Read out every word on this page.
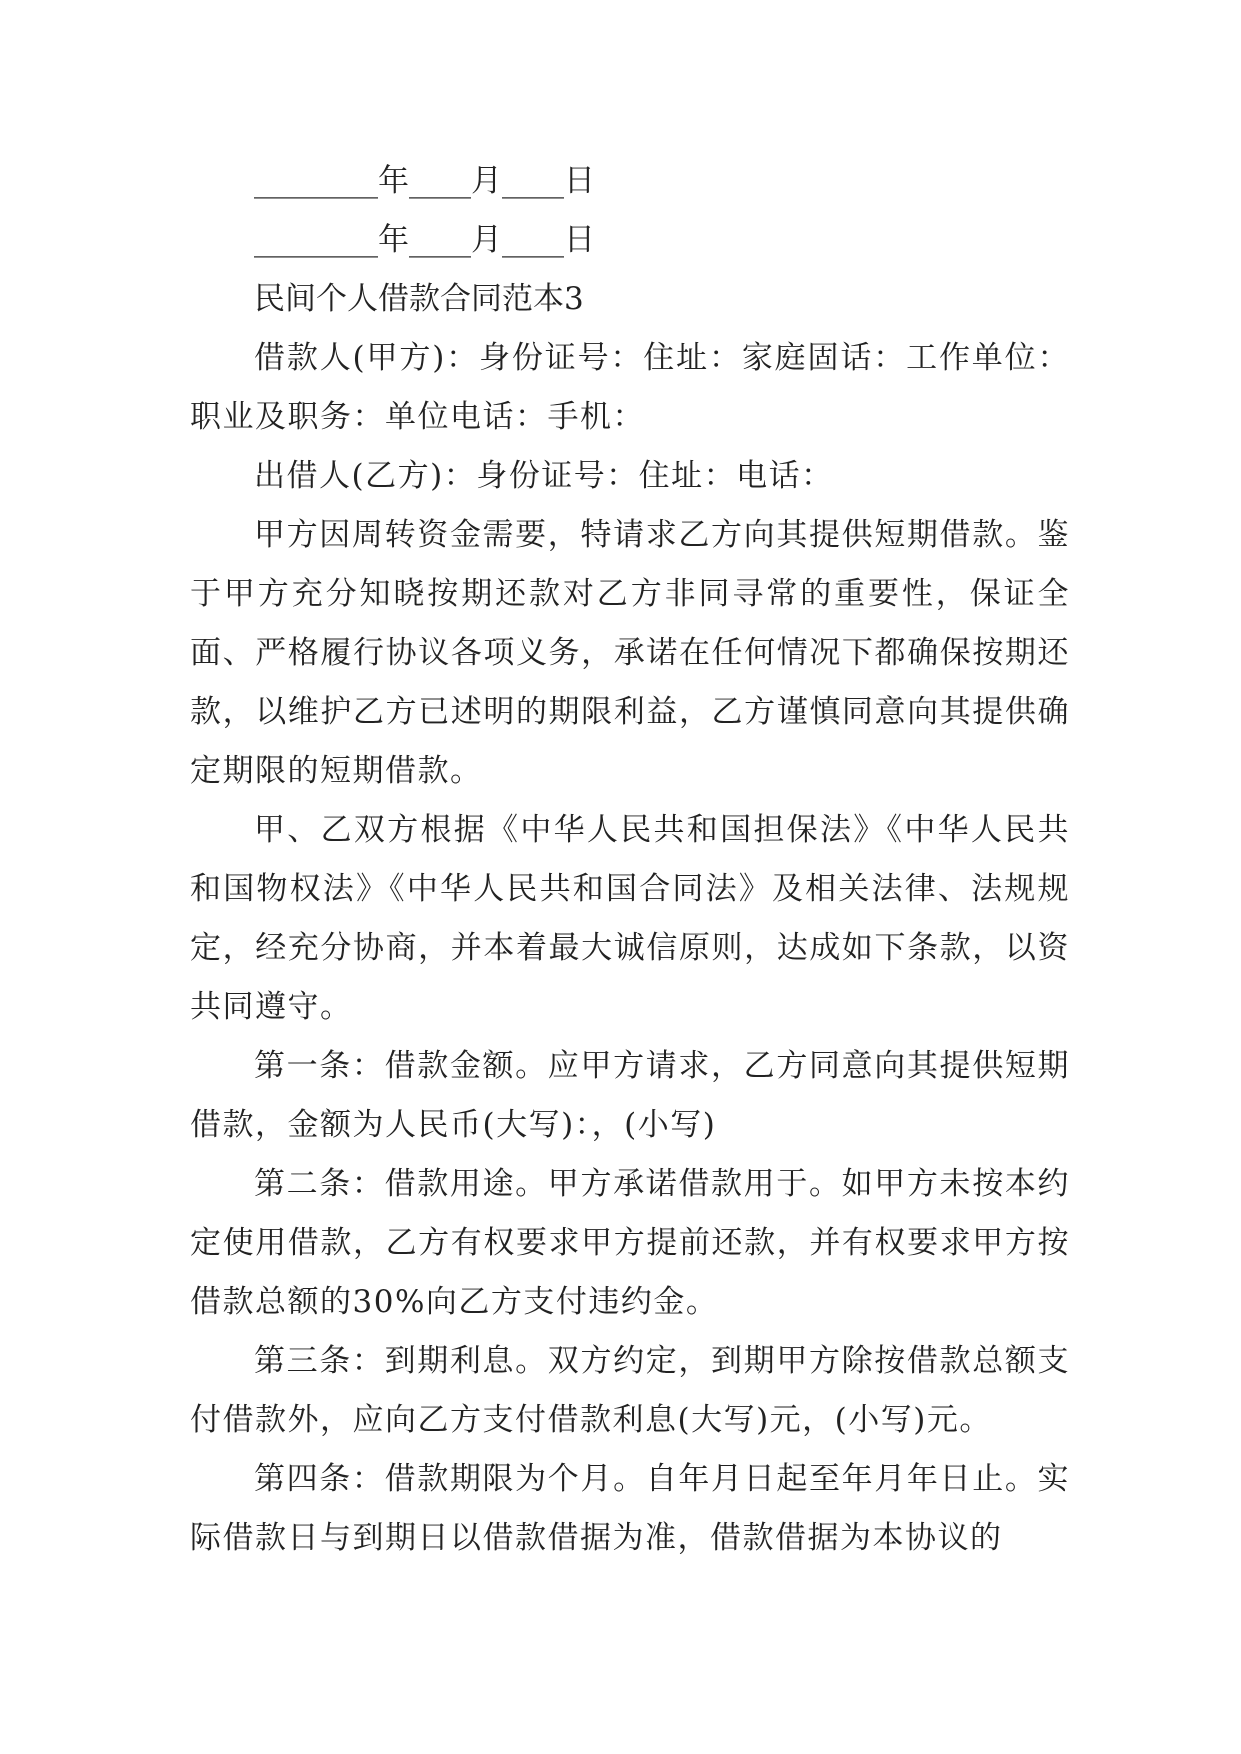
________年____月____日

________年____月____日

民间个人借款合同范本3

借款人(甲方)：身份证号：住址：家庭固话：工作单位：职业及职务：单位电话：手机：

出借人(乙方)：身份证号：住址：电话：

甲方因周转资金需要，特请求乙方向其提供短期借款。鉴于甲方充分知晓按期还款对乙方非同寻常的重要性，保证全面、严格履行协议各项义务，承诺在任何情况下都确保按期还款，以维护乙方已述明的期限利益，乙方谨慎同意向其提供确定期限的短期借款。

甲、乙双方根据《中华人民共和国担保法》《中华人民共和国物权法》《中华人民共和国合同法》及相关法律、法规规定，经充分协商，并本着最大诚信原则，达成如下条款，以资共同遵守。

第一条：借款金额。应甲方请求，乙方同意向其提供短期借款，金额为人民币(大写)：，(小写)

第二条：借款用途。甲方承诺借款用于。如甲方未按本约定使用借款，乙方有权要求甲方提前还款，并有权要求甲方按借款总额的30%向乙方支付违约金。

第三条：到期利息。双方约定，到期甲方除按借款总额支付借款外，应向乙方支付借款利息(大写)元，(小写)元。

第四条：借款期限为个月。自年月日起至年月年日止。实际借款日与到期日以借款借据为准，借款借据为本协议的
